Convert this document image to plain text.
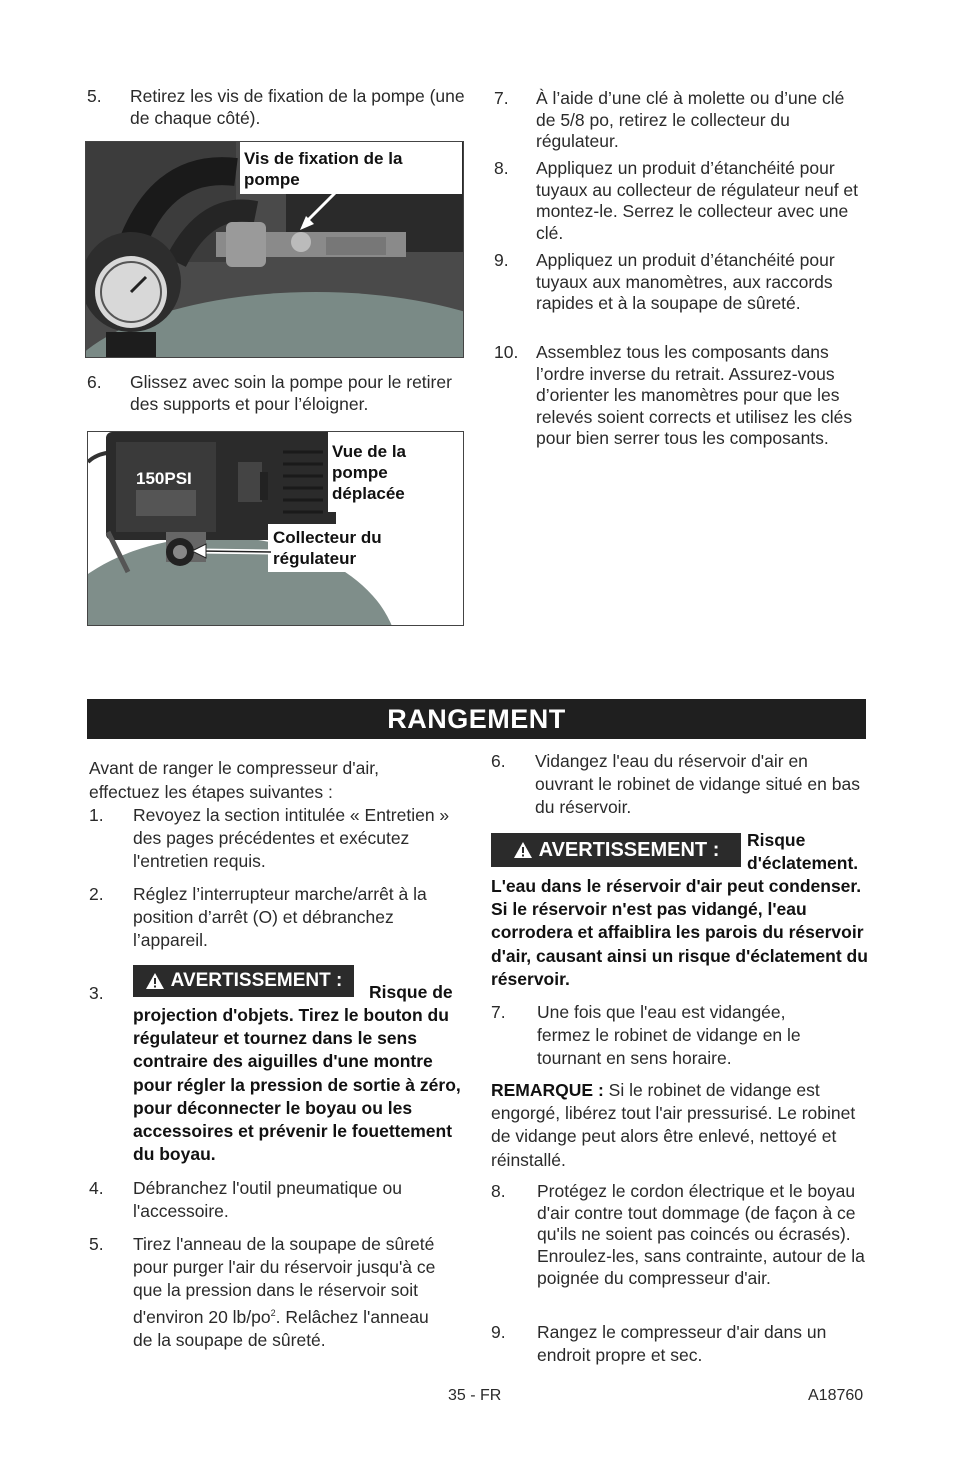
5. Retirez les vis de fixation de la pompe (une de chaque côté).
Vis de fixation de la pompe
6. Glissez avec soin la pompe pour le retirer des supports et pour l’éloigner.
150PSI
Vue de la pompe déplacée
Collecteur du régulateur
7. À l’aide d’une clé à molette ou d’une clé de 5/8 po, retirez le collecteur du régulateur.
8. Appliquez un produit d’étanchéité pour tuyaux au collecteur de régulateur neuf et montez-le. Serrez le collecteur avec une clé.
9. Appliquez un produit d’étanchéité pour tuyaux aux manomètres, aux raccords rapides et à la soupape de sûreté.
10. Assemblez tous les composants dans l’ordre inverse du retrait. Assurez-vous d’orienter les manomètres pour que les relevés soient corrects et utilisez les clés pour bien serrer tous les composants.
RANGEMENT
Avant de ranger le compresseur d'air, effectuez les étapes suivantes :
1. Revoyez la section intitulée « Entretien » des pages précédentes et exécutez l'entretien requis.
2. Réglez l’interrupteur marche/arrêt à la position d’arrêt (O) et débranchez l’appareil.
3.
AVERTISSEMENT :
Risque de
projection d'objets. Tirez le bouton du régulateur et tournez dans le sens contraire des aiguilles d'une montre pour régler la pression de sortie à zéro, pour déconnecter le boyau ou les accessoires et prévenir le fouettement du boyau.
4. Débranchez l'outil pneumatique ou l'accessoire.
5. Tirez l'anneau de la soupape de sûreté pour purger l'air du réservoir jusqu'à ce que la pression dans le réservoir soit d'environ 20 $lb/po^2$. Relâchez l'anneau de la soupape de sûreté.
6. Vidangez l'eau du réservoir d'air en ouvrant le robinet de vidange situé en bas du réservoir.
AVERTISSEMENT : Risque d'éclatement.
L'eau dans le réservoir d'air peut condenser. Si le réservoir n'est pas vidangé, l'eau corrodera et affaiblira les parois du réservoir d'air, causant ainsi un risque d'éclatement du réservoir.
7. Une fois que l'eau est vidangée, fermez le robinet de vidange en le tournant en sens horaire.
REMARQUE : Si le robinet de vidange est engorgé, libérez tout l'air pressurisé. Le robinet de vidange peut alors être enlevé, nettoyé et réinstallé.
8. Protégez le cordon électrique et le boyau d'air contre tout dommage (de façon à ce qu'ils ne soient pas coincés ou écrasés). Enroulez-les, sans contrainte, autour de la poignée du compresseur d'air.
9. Rangez le compresseur d'air dans un endroit propre et sec.
35 - FR	A18760
